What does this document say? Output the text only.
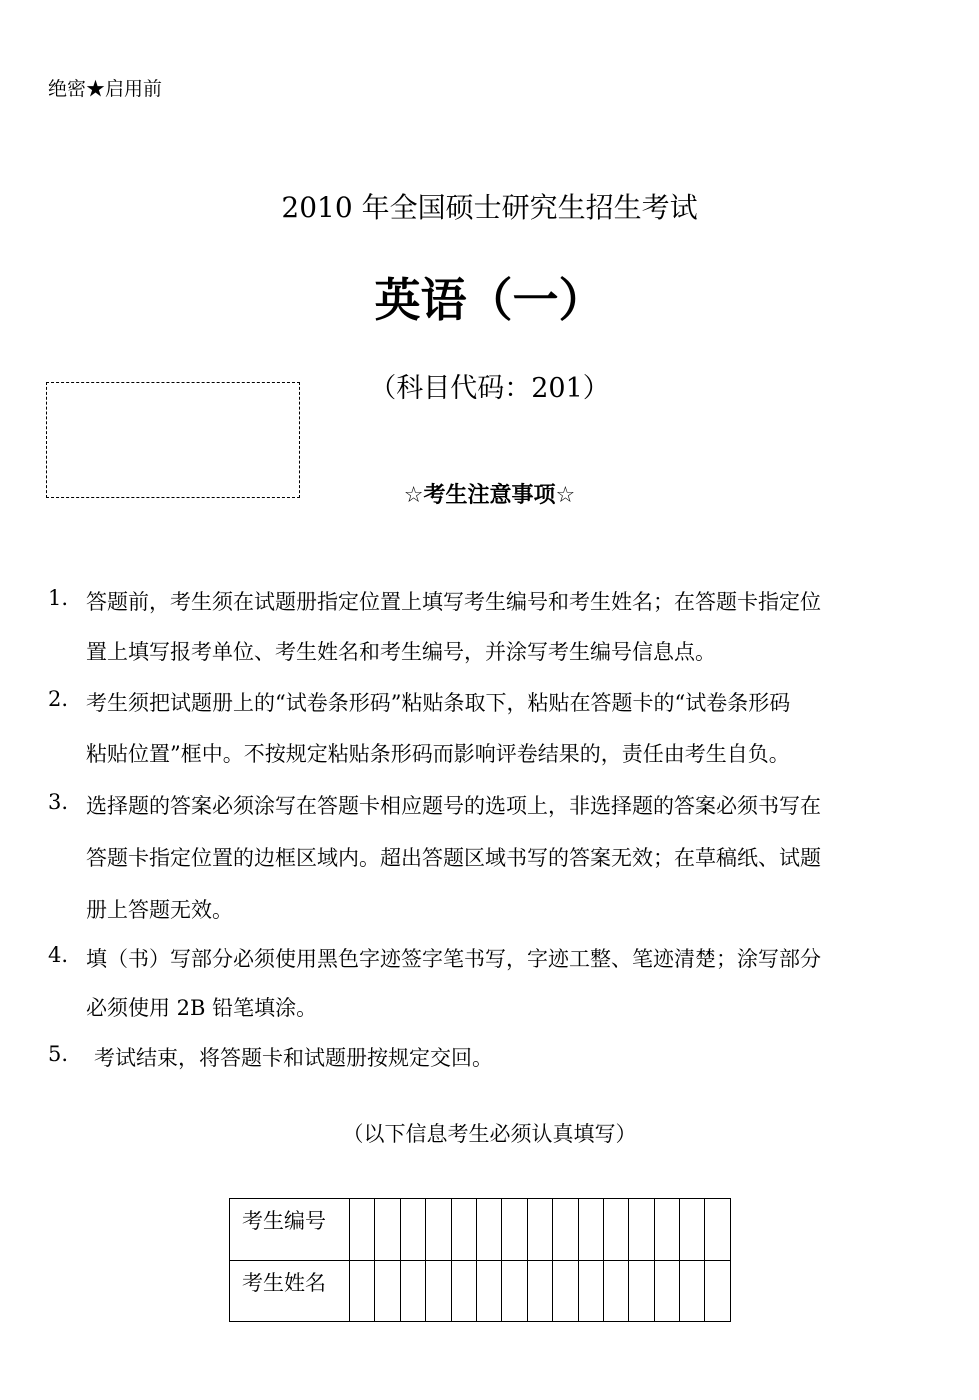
绝密★启用前
2010 年全国硕士研究生招生考试
英语（一）
（科目代码：201）
☆考生注意事项☆
1. 答题前，考生须在试题册指定位置上填写考生编号和考生姓名；在答题卡指定位
置上填写报考单位、考生姓名和考生编号，并涂写考生编号信息点。
2. 考生须把试题册上的“试卷条形码”粘贴条取下，粘贴在答题卡的“试卷条形码
粘贴位置”框中。不按规定粘贴条形码而影响评卷结果的，责任由考生自负。
3. 选择题的答案必须涂写在答题卡相应题号的选项上，非选择题的答案必须书写在
答题卡指定位置的边框区域内。超出答题区域书写的答案无效；在草稿纸、试题
册上答题无效。
4. 填（书）写部分必须使用黑色字迹签字笔书写，字迹工整、笔迹清楚；涂写部分
必须使用 2B 铅笔填涂。
5. 考试结束，将答题卡和试题册按规定交回。
（以下信息考生必须认真填写）
考生编号															
考生姓名															
